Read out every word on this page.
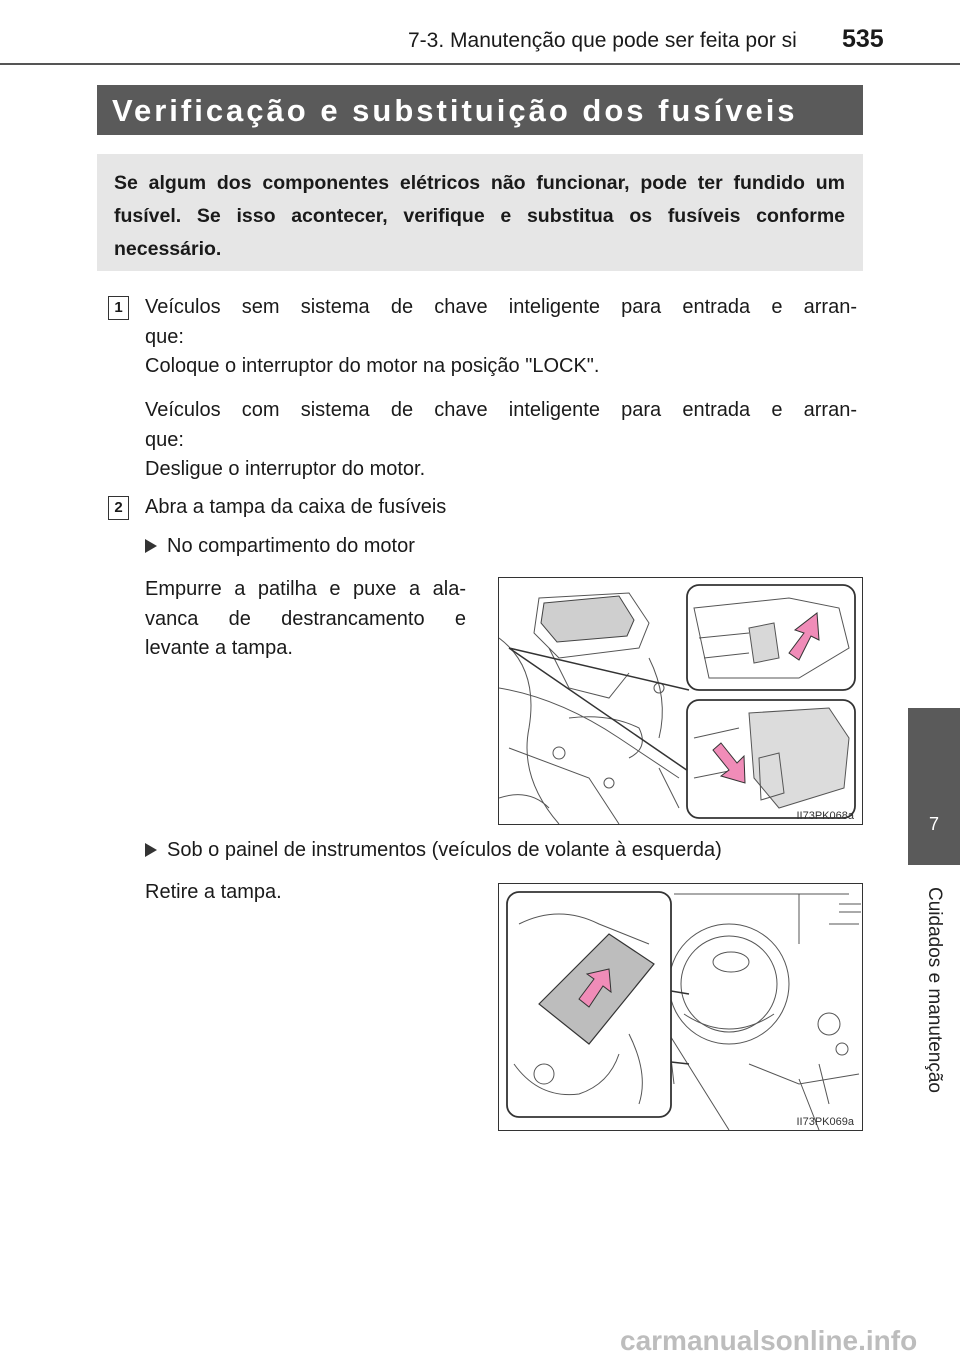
7-3. Manutenção que pode ser feita por si 535
Verificação e substituição dos fusíveis
Se algum dos componentes elétricos não funcionar, pode ter fundido um fusível. Se isso acontecer, verifique e substitua os fusíveis conforme necessário.
1	Veículos sem sistema de chave inteligente para entrada e arran-
que:
Coloque o interruptor do motor na posição "LOCK".
Veículos com sistema de chave inteligente para entrada e arran-
que:
Desligue o interruptor do motor.
2	Abra a tampa da caixa de fusíveis
No compartimento do motor
Empurre a patilha e puxe a ala-
vanca de destrancamento e
levante a tampa.
II73PK068a
Sob o painel de instrumentos (veículos de volante à esquerda)
Retire a tampa.
II73PK069a
7
Cuidados e manutenção
carmanualsonline.info
